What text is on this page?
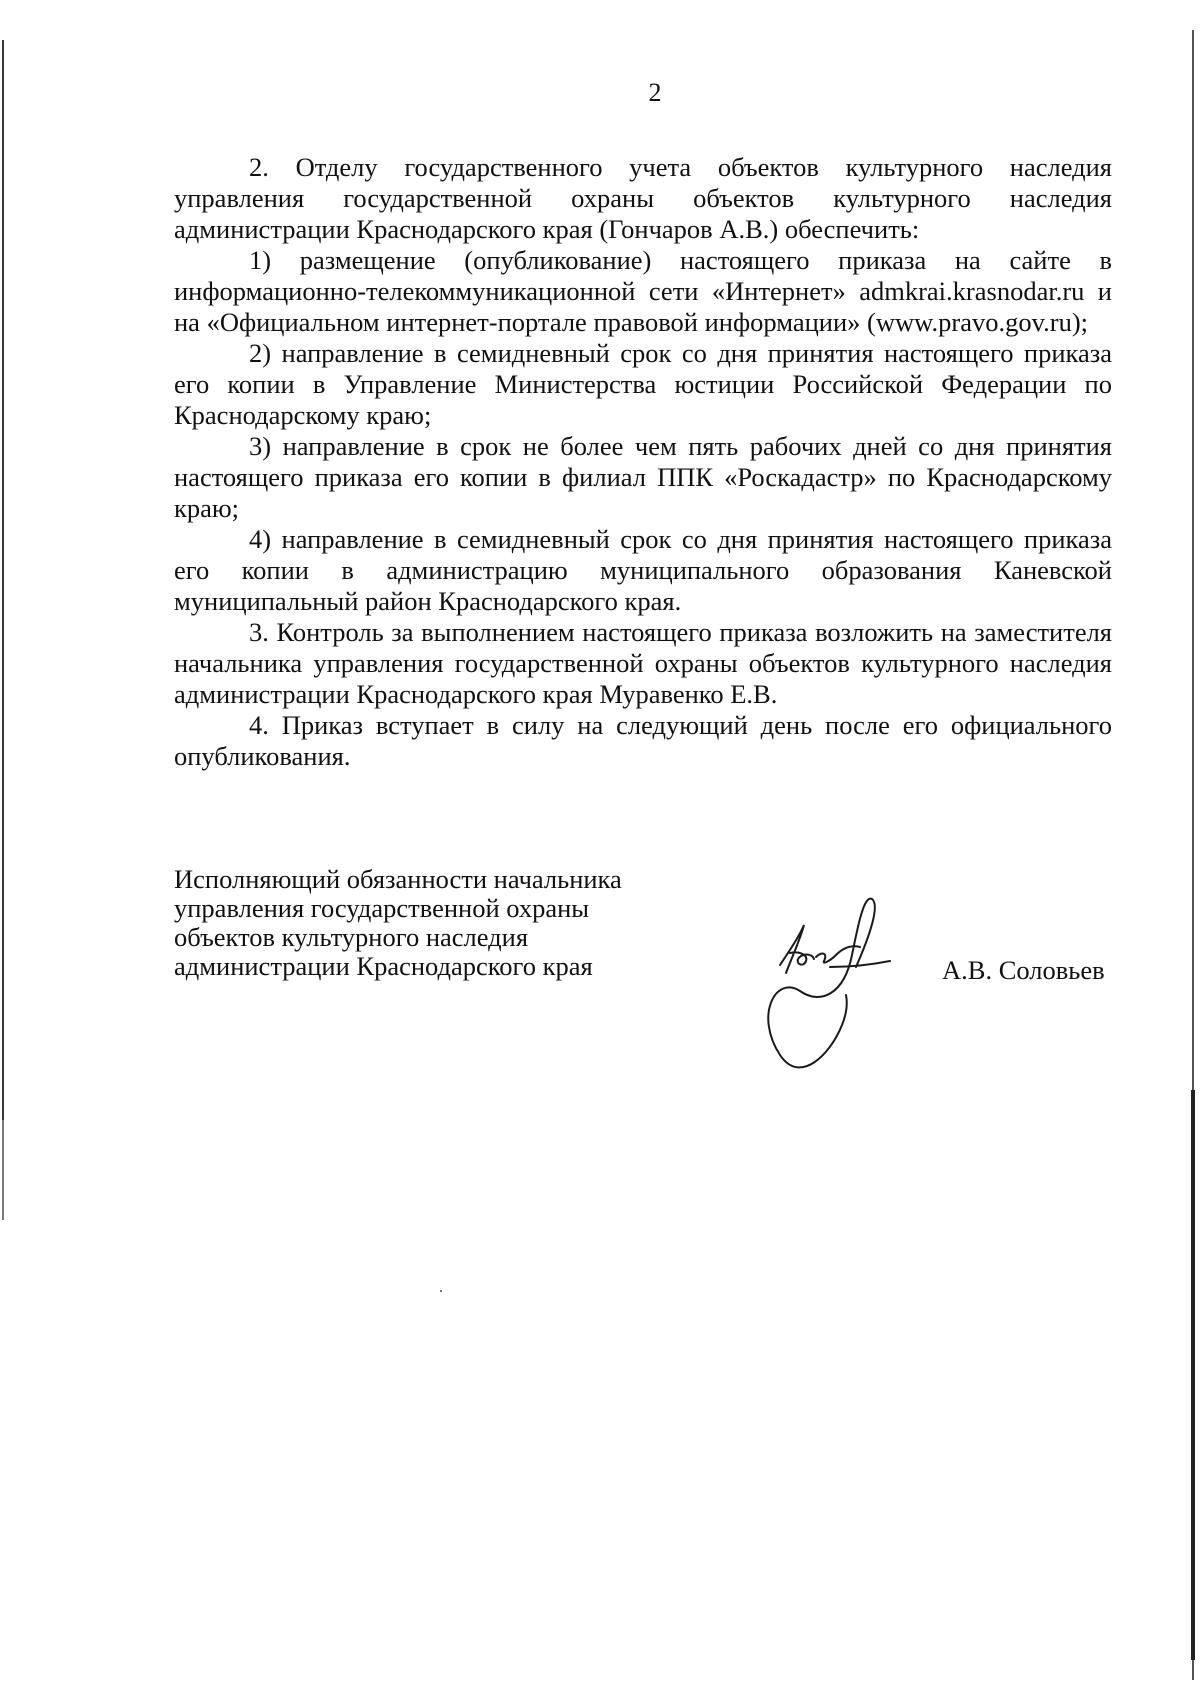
2

2. Отделу государственного учета объектов культурного наследия управления государственной охраны объектов культурного наследия администрации Краснодарского края (Гончаров А.В.) обеспечить:

1) размещение (опубликование) настоящего приказа на сайте в информационно-телекоммуникационной сети «Интернет» admkrai.krasnodar.ru и на «Официальном интернет-портале правовой информации» (www.pravo.gov.ru);

2) направление в семидневный срок со дня принятия настоящего приказа его копии в Управление Министерства юстиции Российской Федерации по Краснодарскому краю;

3) направление в срок не более чем пять рабочих дней со дня принятия настоящего приказа его копии в филиал ППК «Роскадастр» по Краснодарскому краю;

4) направление в семидневный срок со дня принятия настоящего приказа его копии в администрацию муниципального образования Каневской муниципальный район Краснодарского края.

3. Контроль за выполнением настоящего приказа возложить на заместителя начальника управления государственной охраны объектов культурного наследия администрации Краснодарского края Муравенко Е.В.

4. Приказ вступает в силу на следующий день после его официального опубликования.

Исполняющий обязанности начальника
управления государственной охраны
объектов культурного наследия
администрации Краснодарского края	А.В. Соловьев
